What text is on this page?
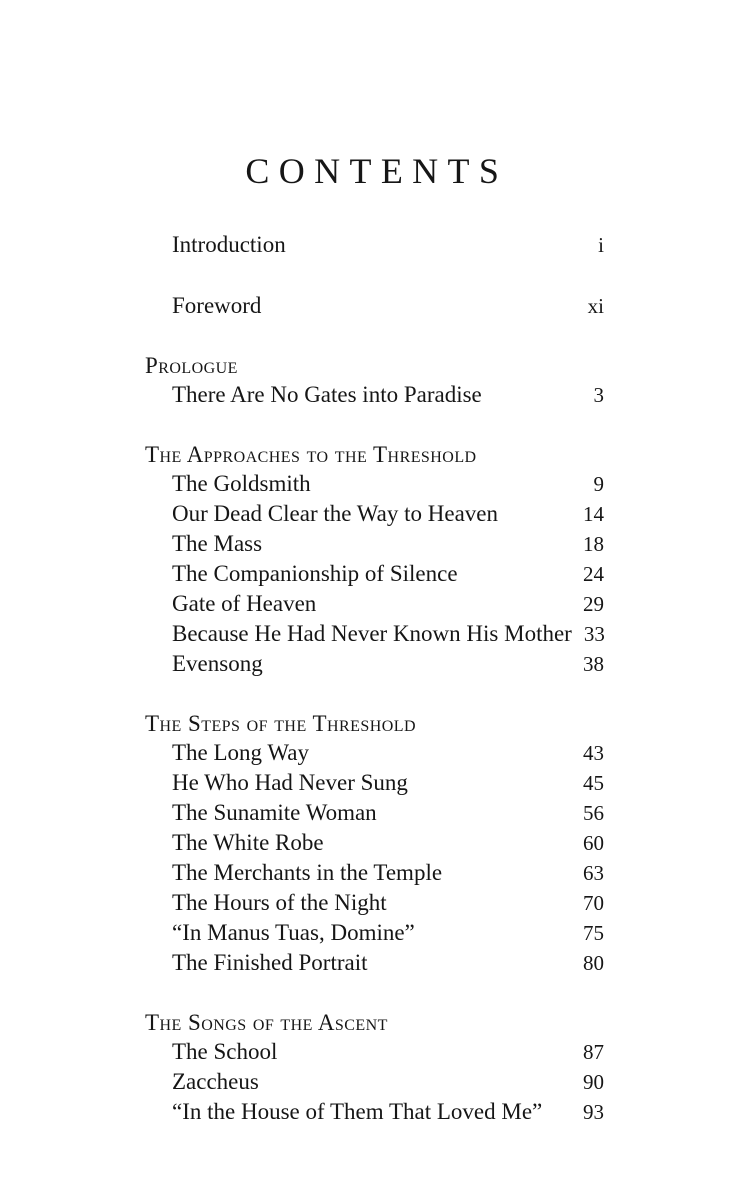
CONTENTS
Introduction	i
Foreword	xi
Prologue
There Are No Gates into Paradise	3
The Approaches to the Threshold
The Goldsmith	9
Our Dead Clear the Way to Heaven	14
The Mass	18
The Companionship of Silence	24
Gate of Heaven	29
Because He Had Never Known His Mother 33
Evensong	38
The Steps of the Threshold
The Long Way	43
He Who Had Never Sung	45
The Sunamite Woman	56
The White Robe	60
The Merchants in the Temple	63
The Hours of the Night	70
“In Manus Tuas, Domine”	75
The Finished Portrait	80
The Songs of the Ascent
The School	87
Zaccheus	90
“In the House of Them That Loved Me”	93
